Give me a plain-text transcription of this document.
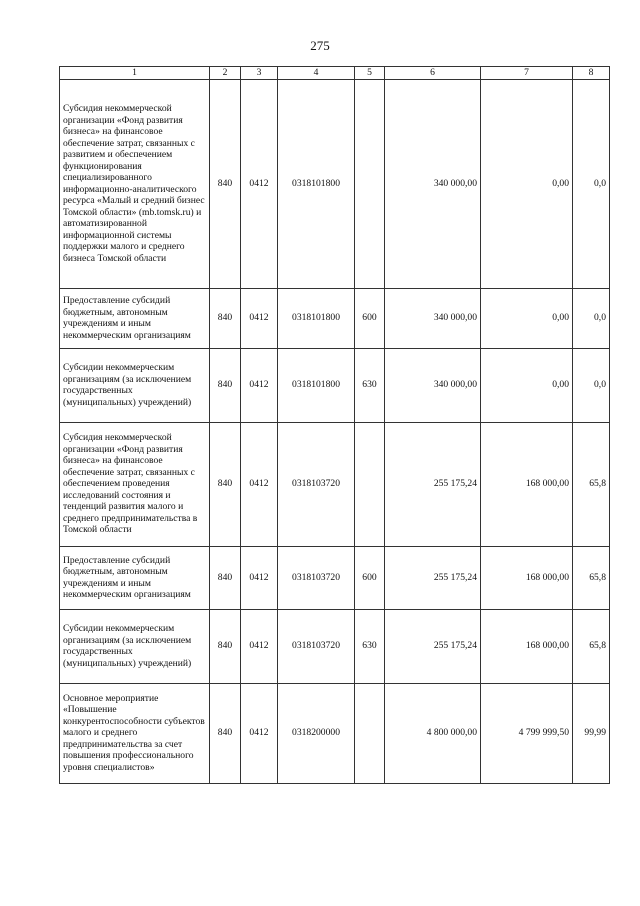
275
1	2	3	4	5	6	7	8
Субсидия некоммерческой организации «Фонд развития бизнеса» на финансовое обеспечение затрат, связанных с развитием и обеспечением функционирования специализированного информационно-аналитического ресурса «Малый и средний бизнес Томской области» (mb.tomsk.ru) и автоматизированной информационной системы поддержки малого и среднего бизнеса Томской области	840	0412	0318101800		340 000,00	0,00	0,0
Предоставление субсидий бюджетным, автономным учреждениям и иным некоммерческим организациям	840	0412	0318101800	600	340 000,00	0,00	0,0
Субсидии некоммерческим организациям (за исключением государственных (муниципальных) учреждений)	840	0412	0318101800	630	340 000,00	0,00	0,0
Субсидия некоммерческой организации «Фонд развития бизнеса» на финансовое обеспечение затрат, связанных с обеспечением проведения исследований состояния и тенденций развития малого и среднего предпринимательства в Томской области	840	0412	0318103720		255 175,24	168 000,00	65,8
Предоставление субсидий бюджетным, автономным учреждениям и иным некоммерческим организациям	840	0412	0318103720	600	255 175,24	168 000,00	65,8
Субсидии некоммерческим организациям (за исключением государственных (муниципальных) учреждений)	840	0412	0318103720	630	255 175,24	168 000,00	65,8
Основное мероприятие «Повышение конкурентоспособности субъектов малого и среднего предпринимательства за счет повышения профессионального уровня специалистов»	840	0412	0318200000		4 800 000,00	4 799 999,50	99,99
